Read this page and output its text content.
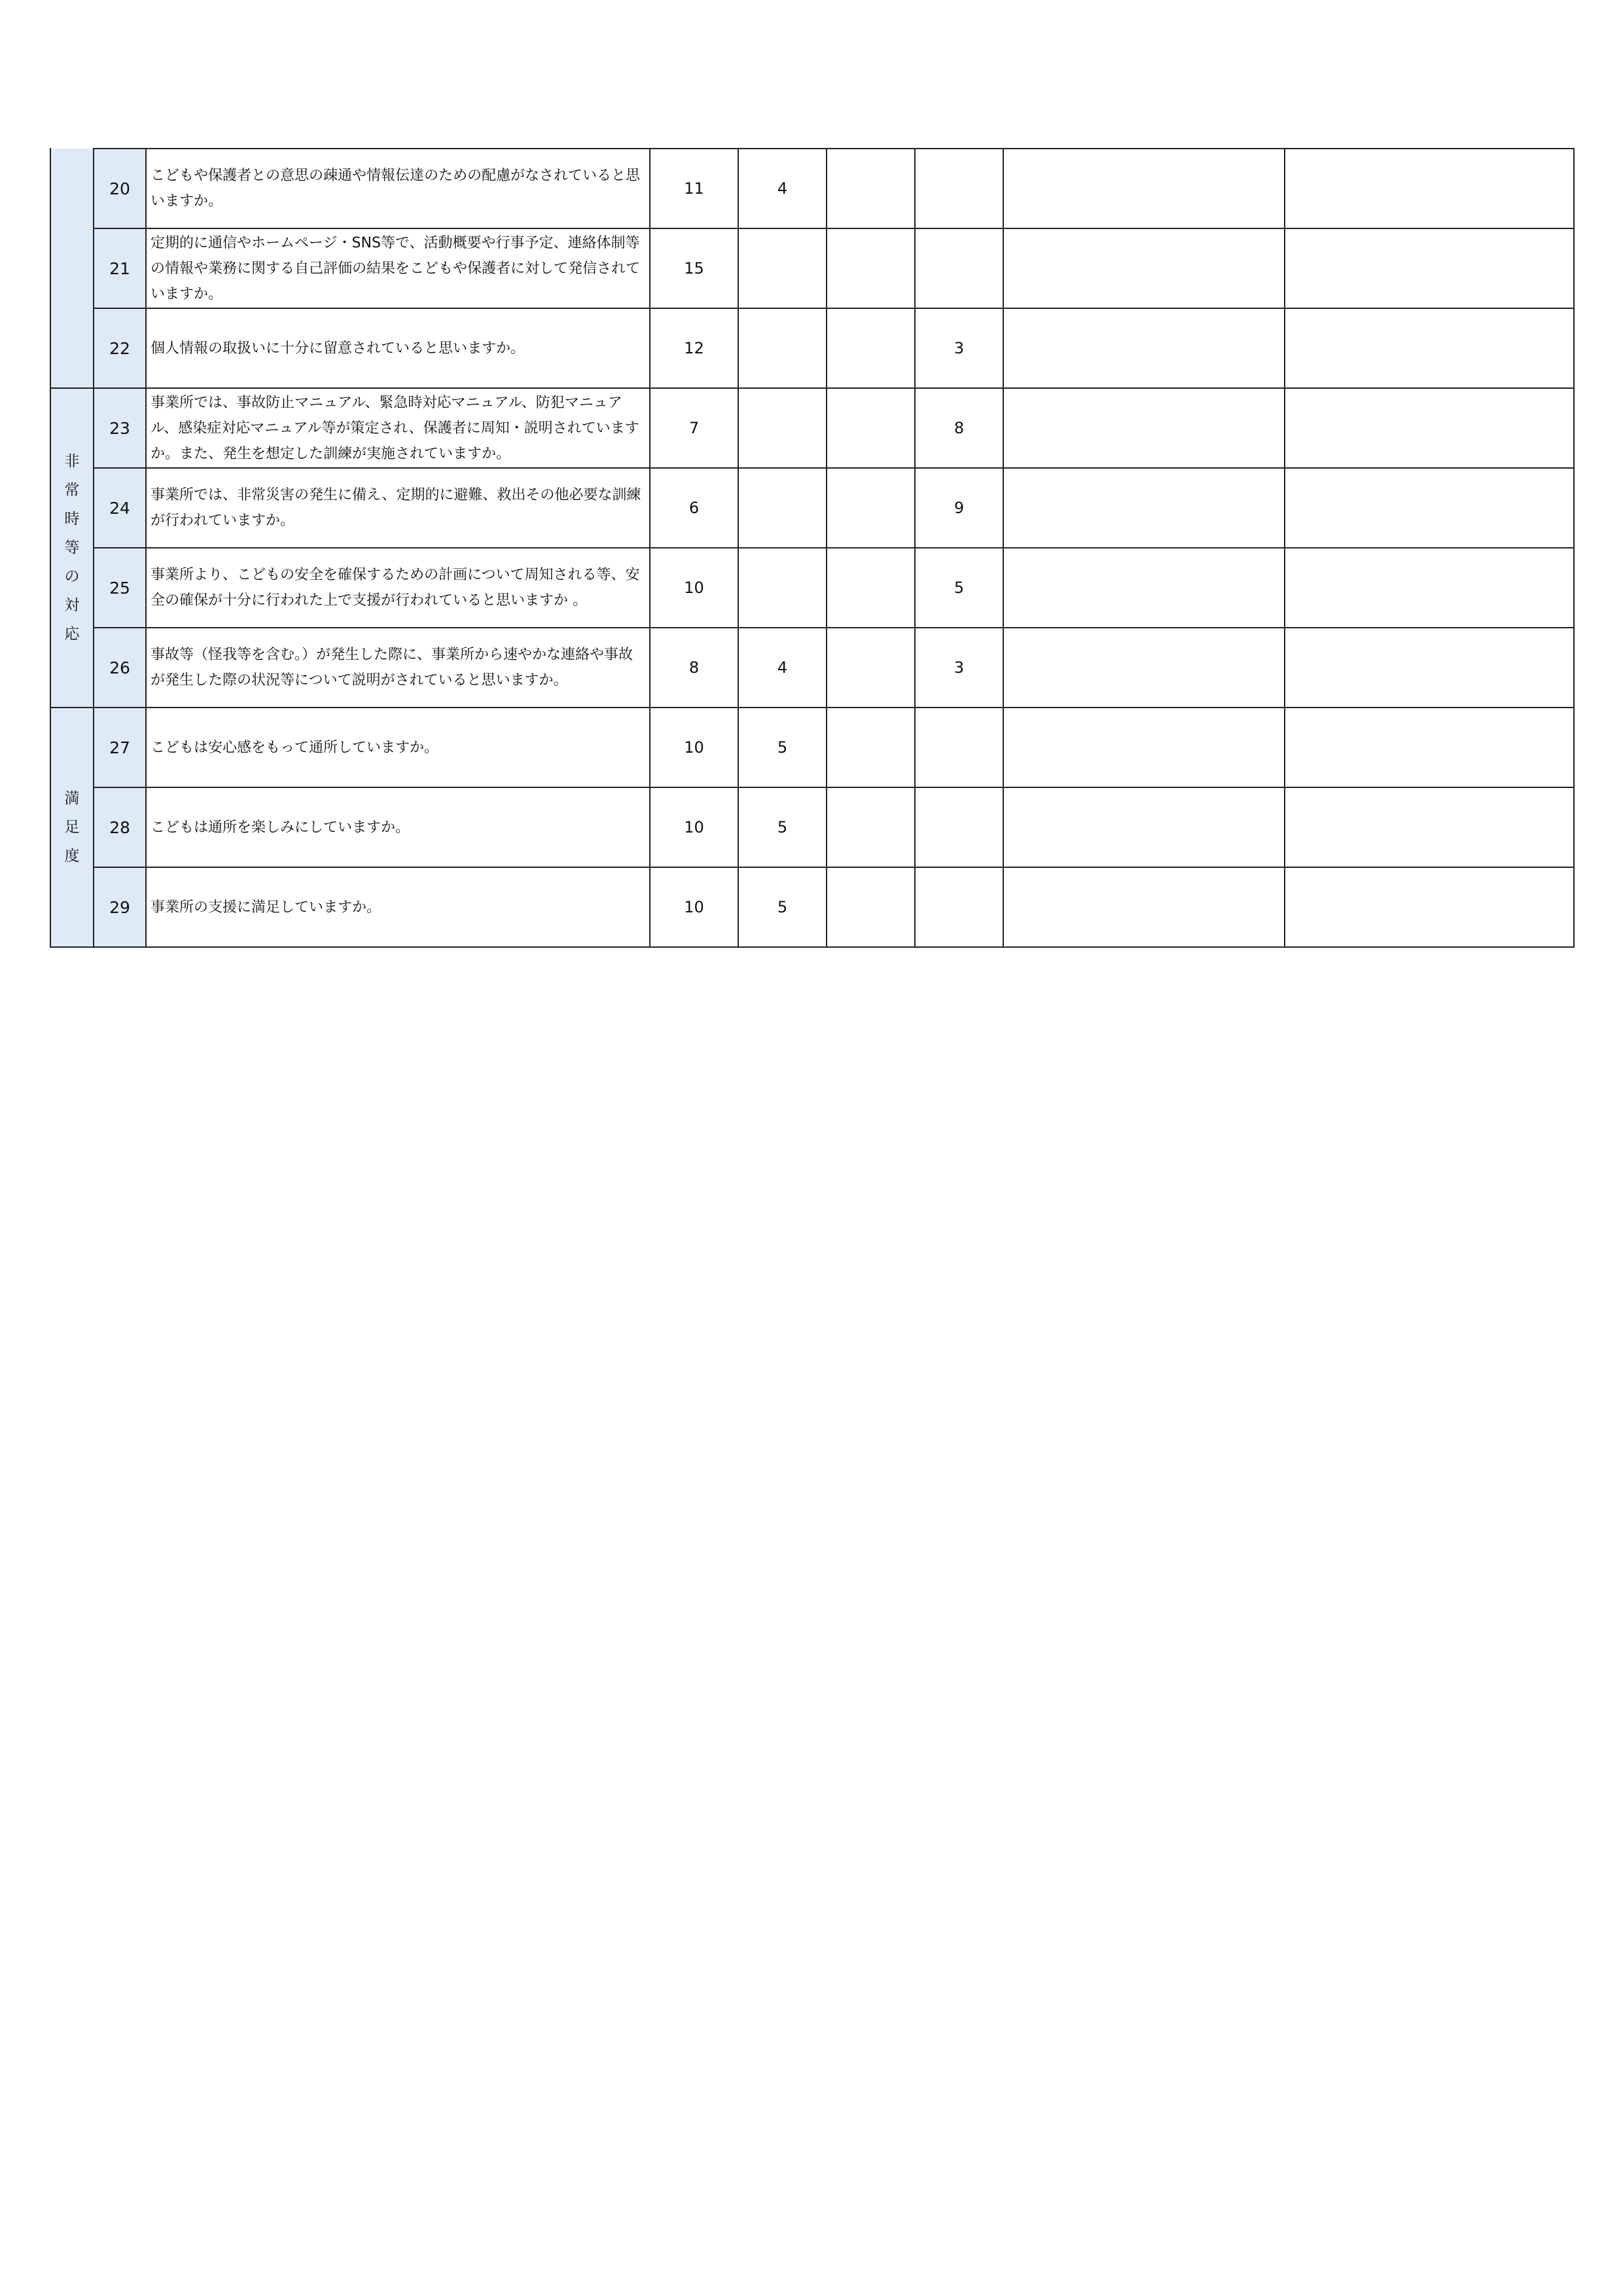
	20	こどもや保護者との意思の疎通や情報伝達のための配慮がなされていると思いますか。	11	4				
	21	定期的に通信やホームページ・SNS等で、活動概要や行事予定、連絡体制等の情報や業務に関する自己評価の結果をこどもや保護者に対して発信されていますか。	15					
	22	個人情報の取扱いに十分に留意されていると思いますか。	12			3		
非常時等の対応	23	事業所では、事故防止マニュアル、緊急時対応マニュアル、防犯マニュアル、感染症対応マニュアル等が策定され、保護者に周知・説明されていますか。また、発生を想定した訓練が実施されていますか。	7			8		
	24	事業所では、非常災害の発生に備え、定期的に避難、救出その他必要な訓練が行われていますか。	6			9		
	25	事業所より、こどもの安全を確保するための計画について周知される等、安全の確保が十分に行われた上で支援が行われていると思いますか 。	10			5		
	26	事故等（怪我等を含む。）が発生した際に、事業所から速やかな連絡や事故が発生した際の状況等について説明がされていると思いますか。	8	4		3		
満足度	27	こどもは安心感をもって通所していますか。	10	5				
	28	こどもは通所を楽しみにしていますか。	10	5				
	29	事業所の支援に満足していますか。	10	5				
